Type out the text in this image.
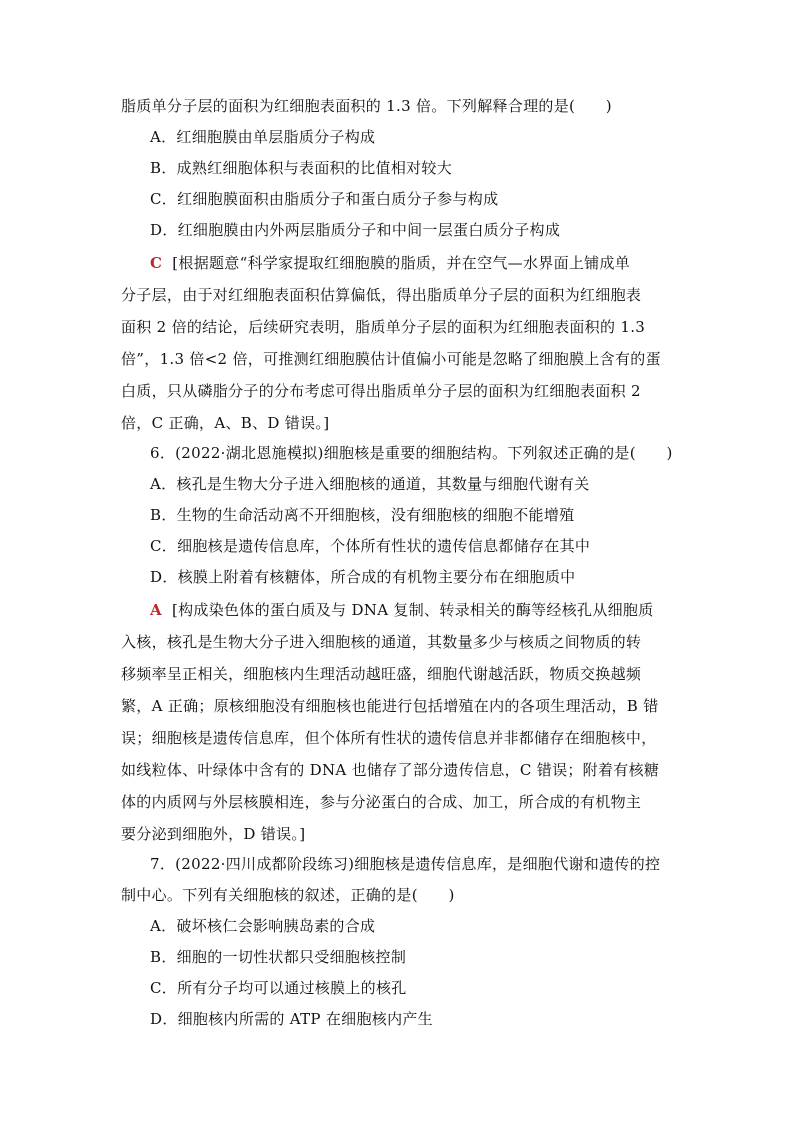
脂质单分子层的面积为红细胞表面积的 1.3 倍。下列解释合理的是(　　)
A．红细胞膜由单层脂质分子构成
B．成熟红细胞体积与表面积的比值相对较大
C．红细胞膜面积由脂质分子和蛋白质分子参与构成
D．红细胞膜由内外两层脂质分子和中间一层蛋白质分子构成
C [根据题意“科学家提取红细胞膜的脂质，并在空气—水界面上铺成单
分子层，由于对红细胞表面积估算偏低，得出脂质单分子层的面积为红细胞表
面积 2 倍的结论，后续研究表明，脂质单分子层的面积为红细胞表面积的 1.3
倍”，1.3 倍<2 倍，可推测红细胞膜估计值偏小可能是忽略了细胞膜上含有的蛋
白质，只从磷脂分子的分布考虑可得出脂质单分子层的面积为红细胞表面积 2
倍，C 正确，A、B、D 错误。]
6．(2022·湖北恩施模拟)细胞核是重要的细胞结构。下列叙述正确的是(　　)
A．核孔是生物大分子进入细胞核的通道，其数量与细胞代谢有关
B．生物的生命活动离不开细胞核，没有细胞核的细胞不能增殖
C．细胞核是遗传信息库，个体所有性状的遗传信息都储存在其中
D．核膜上附着有核糖体，所合成的有机物主要分布在细胞质中
A [构成染色体的蛋白质及与 DNA 复制、转录相关的酶等经核孔从细胞质
入核，核孔是生物大分子进入细胞核的通道，其数量多少与核质之间物质的转
移频率呈正相关，细胞核内生理活动越旺盛，细胞代谢越活跃，物质交换越频
繁，A 正确；原核细胞没有细胞核也能进行包括增殖在内的各项生理活动，B 错
误；细胞核是遗传信息库，但个体所有性状的遗传信息并非都储存在细胞核中，
如线粒体、叶绿体中含有的 DNA 也储存了部分遗传信息，C 错误；附着有核糖
体的内质网与外层核膜相连，参与分泌蛋白的合成、加工，所合成的有机物主
要分泌到细胞外，D 错误。]
7．(2022·四川成都阶段练习)细胞核是遗传信息库，是细胞代谢和遗传的控
制中心。下列有关细胞核的叙述，正确的是(　　)
A．破坏核仁会影响胰岛素的合成
B．细胞的一切性状都只受细胞核控制
C．所有分子均可以通过核膜上的核孔
D．细胞核内所需的 ATP 在细胞核内产生
